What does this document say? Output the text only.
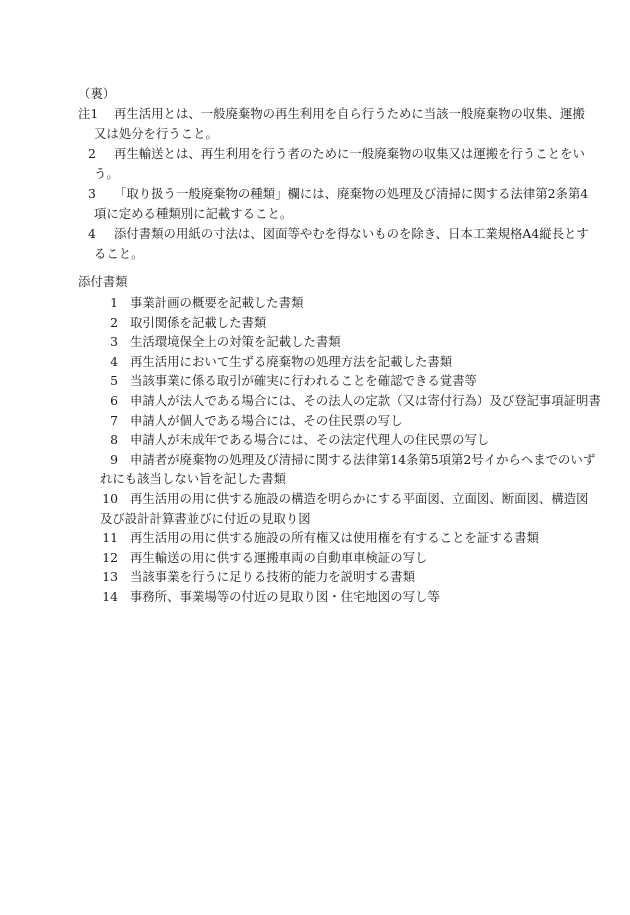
（裏）
注1	再生活用とは、一般廃棄物の再生利用を自ら行うために当該一般廃棄物の収集、運搬
又は処分を行うこと。
2	再生輸送とは、再生利用を行う者のために一般廃棄物の収集又は運搬を行うことをい
う。
3	「取り扱う一般廃棄物の種類」欄には、廃棄物の処理及び清掃に関する法律第2条第4
項に定める種類別に記載すること。
4	添付書類の用紙の寸法は、図面等やむを得ないものを除き、日本工業規格A4縦長とす
ること。
添付書類
1 事業計画の概要を記載した書類
2 取引関係を記載した書類
3 生活環境保全上の対策を記載した書類
4 再生活用において生ずる廃棄物の処理方法を記載した書類
5 当該事業に係る取引が確実に行われることを確認できる覚書等
6 申請人が法人である場合には、その法人の定款（又は寄付行為）及び登記事項証明書
7 申請人が個人である場合には、その住民票の写し
8 申請人が未成年である場合には、その法定代理人の住民票の写し
9 申請者が廃棄物の処理及び清掃に関する法律第14条第5項第2号イからヘまでのいず
れにも該当しない旨を記した書類
10 再生活用の用に供する施設の構造を明らかにする平面図、立面図、断面図、構造図
及び設計計算書並びに付近の見取り図
11 再生活用の用に供する施設の所有権又は使用権を有することを証する書類
12 再生輸送の用に供する運搬車両の自動車車検証の写し
13 当該事業を行うに足りる技術的能力を説明する書類
14 事務所、事業場等の付近の見取り図・住宅地図の写し等
